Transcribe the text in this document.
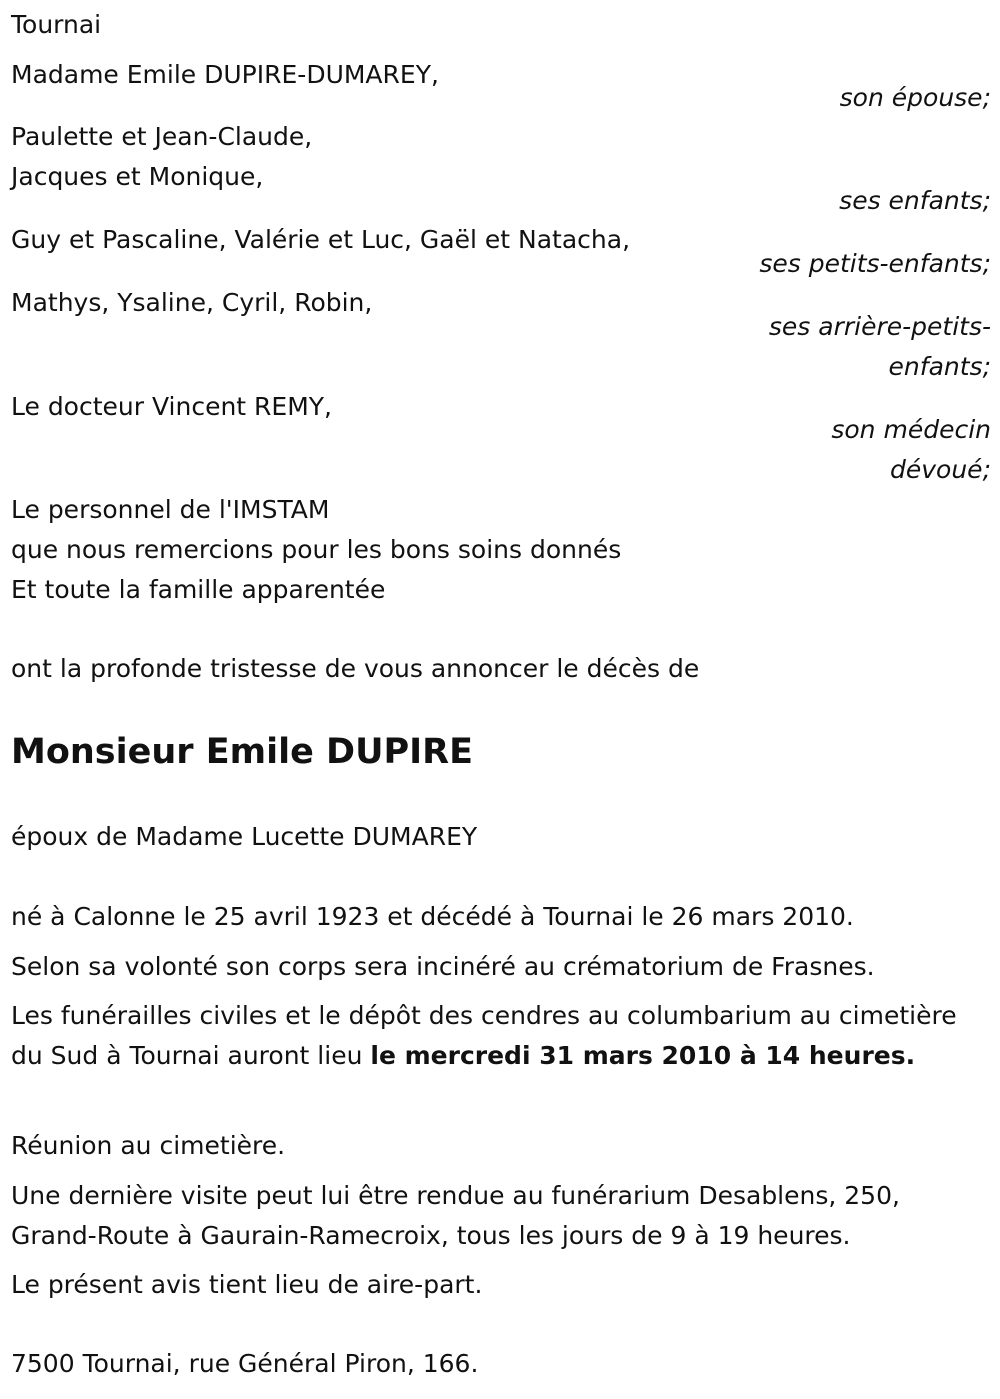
Tournai
Madame Emile DUPIRE-DUMAREY,
son épouse;
Paulette et Jean-Claude,
Jacques et Monique,
ses enfants;
Guy et Pascaline, Valérie et Luc, Gaël et Natacha,
ses petits-enfants;
Mathys, Ysaline, Cyril, Robin,
ses arrière-petits-
enfants;
Le docteur Vincent REMY,
son médecin
dévoué;
Le personnel de l'IMSTAM
que nous remercions pour les bons soins donnés
Et toute la famille apparentée
ont la profonde tristesse de vous annoncer le décès de
Monsieur Emile DUPIRE
époux de Madame Lucette DUMAREY
né à Calonne le 25 avril 1923 et décédé à Tournai le 26 mars 2010.
Selon sa volonté son corps sera incinéré au crématorium de Frasnes.
Les funérailles civiles et le dépôt des cendres au columbarium au cimetière du Sud à Tournai auront lieu le mercredi 31 mars 2010 à 14 heures.
Réunion au cimetière.
Une dernière visite peut lui être rendue au funérarium Desablens, 250, Grand-Route à Gaurain-Ramecroix, tous les jours de 9 à 19 heures.
Le présent avis tient lieu de aire-part.
7500 Tournai, rue Général Piron, 166.
